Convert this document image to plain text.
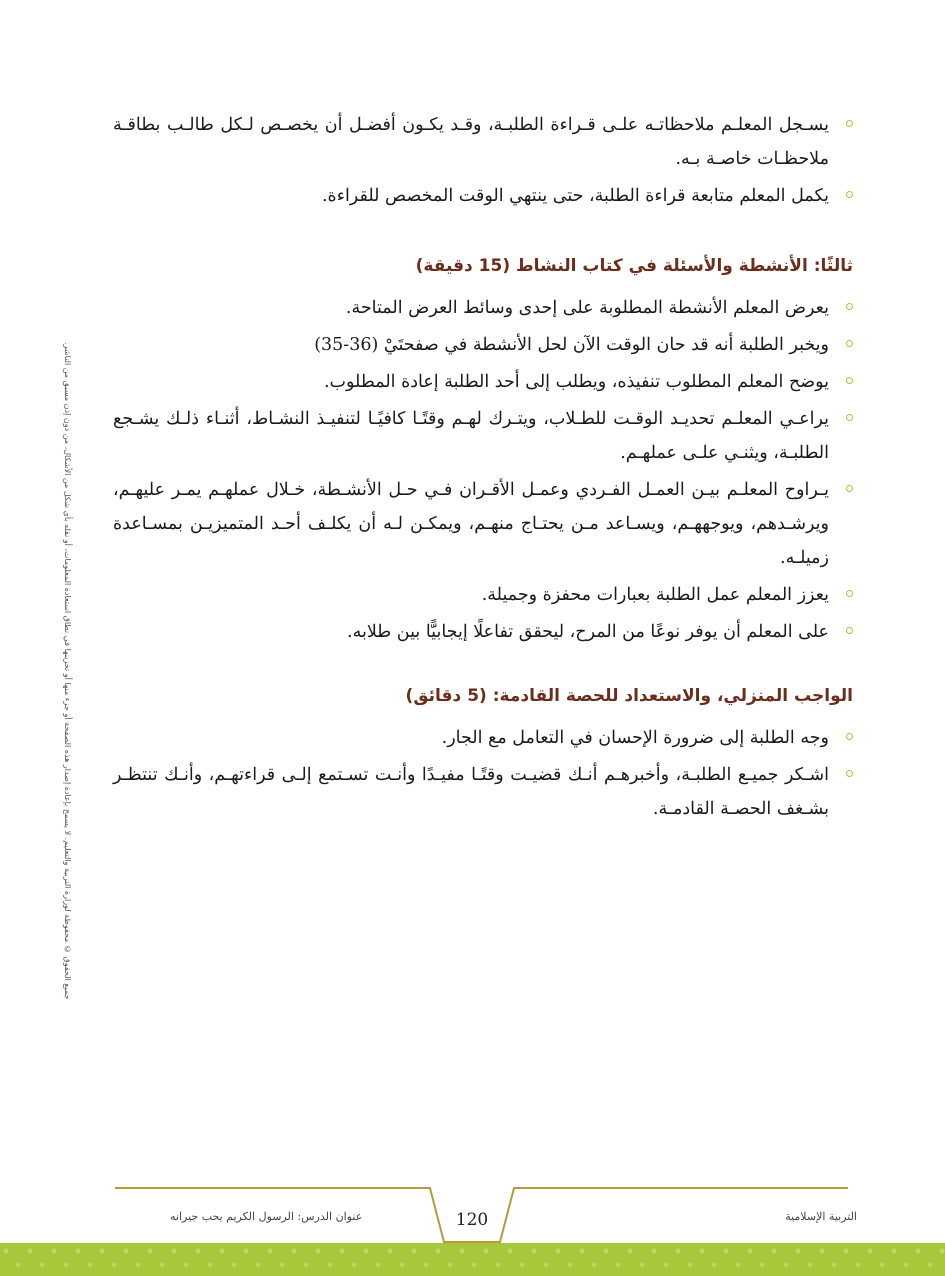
جميع الحقوق © محفوظة لوزارة التربية والتعليم. لا يسمح بإعادة إصدار هذه الصفحة أو جزء منها أو تخزينها في نطاق استعادة المعلومات، أو نقله بأي شكل من الأشكال، من دون إذن مسبق من الناشر.
يسـجل المعلـم ملاحظاتـه علـى قـراءة الطلبـة، وقـد يكـون أفضـل أن يخصـص لـكل طالـب بطاقـة ملاحظـات خاصـة بـه.
يكمل المعلم متابعة قراءة الطلبة، حتى ينتهي الوقت المخصص للقراءة.
ثالثًا: الأنشطة والأسئلة في كتاب النشاط (15 دقيقة)
يعرض المعلم الأنشطة المطلوبة على إحدى وسائط العرض المتاحة.
ويخبر الطلبة أنه قد حان الوقت الآن لحل الأنشطة في صفحتَيْ (36-35)
يوضح المعلم المطلوب تنفيذه، ويطلب إلى أحد الطلبة إعادة المطلوب.
يراعـي المعلـم تحديـد الوقـت للطـلاب، ويتـرك لهـم وقتًـا كافيًـا لتنفيـذ النشـاط، أثنـاء ذلـك يشـجع الطلبـة، ويثنـي علـى عملهـم.
يـراوح المعلـم بيـن العمـل الفـردي وعمـل الأقـران فـي حـل الأنشـطة، خـلال عملهـم يمـر عليهـم، ويرشـدهم، ويوجههـم، ويسـاعد مـن يحتـاج منهـم، ويمكـن لـه أن يكلـف أحـد المتميزيـن بمسـاعدة زميلـه.
يعزز المعلم عمل الطلبة بعبارات محفزة وجميلة.
على المعلم أن يوفر نوعًا من المرح، ليحقق تفاعلًا إيجابيًّا بين طلابه.
الواجب المنزلي، والاستعداد للحصة القادمة: (5 دقائق)
وجه الطلبة إلى ضرورة الإحسان في التعامل مع الجار.
اشـكر جميـع الطلبـة، وأخبرهـم أنـك قضيـت وقتًـا مفيـدًا وأنـت تسـتمع إلـى قراءتهـم، وأنـك تنتظـر بشـغف الحصـة القادمـة.
عنوان الدرس: الرسول الكريم يحب جيرانه	120	التربية الإسلامية
